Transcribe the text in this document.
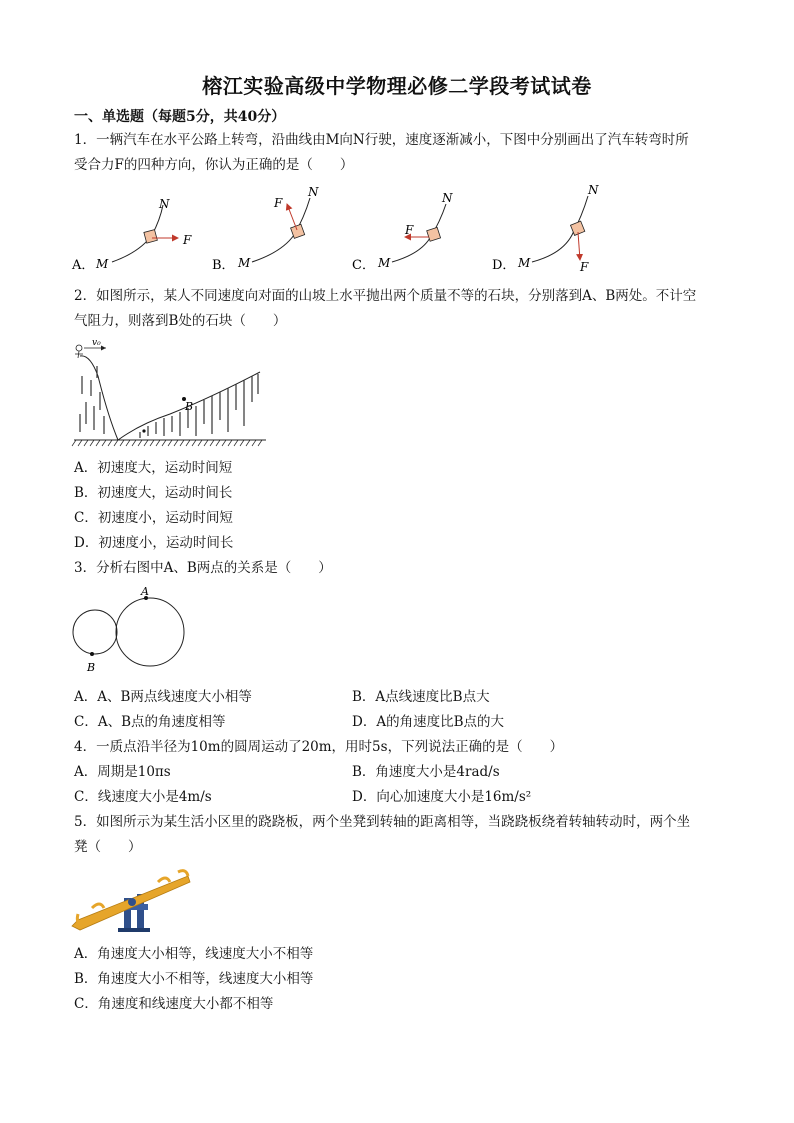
榕江实验高级中学物理必修二学段考试试卷
一、单选题（每题5分，共40分）
1．一辆汽车在水平公路上转弯，沿曲线由M向N行驶，速度逐渐减小，下图中分别画出了汽车转弯时所
受合力F的四种方向，你认为正确的是（　　）
A． M
N
F
B． M
N
F
C． M
N
F
D． M
N
F
2．如图所示，某人不同速度向对面的山坡上水平抛出两个质量不等的石块，分别落到A、B两处。不计空
气阻力，则落到B处的石块（　　）
v₀
B
A．初速度大，运动时间短
B．初速度大，运动时间长
C．初速度小，运动时间短
D．初速度小，运动时间长
3．分析右图中A、B两点的关系是（　　）
A
B
A．A、B两点线速度大小相等	B．A点线速度比B点大
C．A、B点的角速度相等	D．A的角速度比B点的大
4．一质点沿半径为10m的圆周运动了20m，用时5s，下列说法正确的是（　　）
A．周期是10πs	B．角速度大小是4rad/s
C．线速度大小是4m/s	D．向心加速度大小是16m/s²
5．如图所示为某生活小区里的跷跷板，两个坐凳到转轴的距离相等，当跷跷板绕着转轴转动时，两个坐
凳（　　）
A．角速度大小相等，线速度大小不相等
B．角速度大小不相等，线速度大小相等
C．角速度和线速度大小都不相等
